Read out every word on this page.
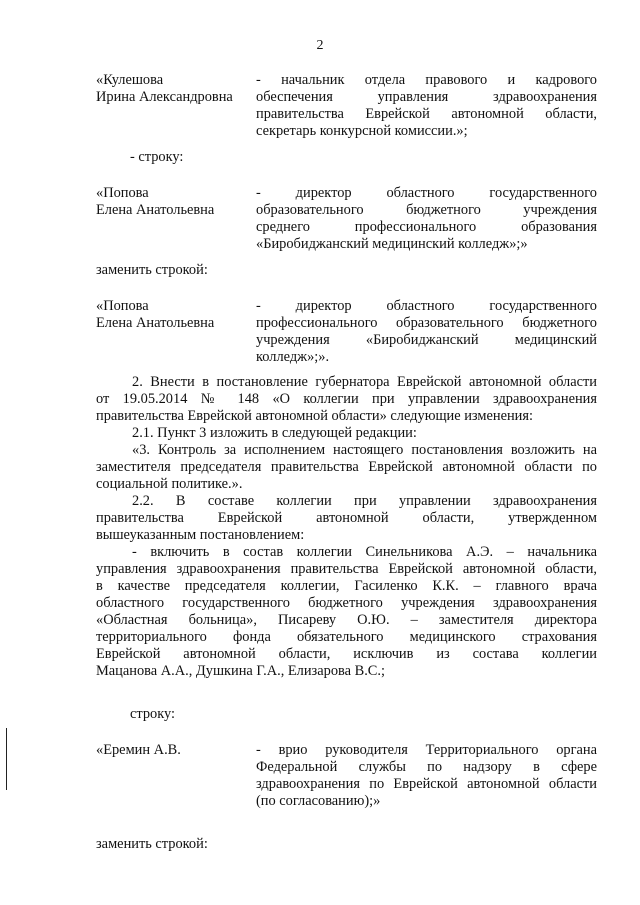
2
«Кулешова
Ирина Александровна
- начальник отдела правового и кадрового
обеспечения управления здравоохранения
правительства Еврейской автономной области,
секретарь конкурсной комиссии.»;
- строку:
«Попова
Елена Анатольевна
- директор областного государственного
образовательного бюджетного учреждения
среднего профессионального образования
«Биробиджанский медицинский колледж»;»
заменить строкой:
«Попова
Елена Анатольевна
- директор областного государственного
профессионального образовательного бюджетного
учреждения «Биробиджанский медицинский
колледж»;».
2. Внести в постановление губернатора Еврейской автономной области
от 19.05.2014 № 148 «О коллегии при управлении здравоохранения
правительства Еврейской автономной области» следующие изменения:
2.1. Пункт 3 изложить в следующей редакции:
«3. Контроль за исполнением настоящего постановления возложить на
заместителя председателя правительства Еврейской автономной области по
социальной политике.».
2.2. В составе коллегии при управлении здравоохранения
правительства Еврейской автономной области, утвержденном
вышеуказанным постановлением:
- включить в состав коллегии Синельникова А.Э. – начальника
управления здравоохранения правительства Еврейской автономной области,
в качестве председателя коллегии, Гасиленко К.К. – главного врача
областного государственного бюджетного учреждения здравоохранения
«Областная больница», Писареву О.Ю. – заместителя директора
территориального фонда обязательного медицинского страхования
Еврейской автономной области, исключив из состава коллегии
Мацанова А.А., Душкина Г.А., Елизарова В.С.;
строку:
«Еремин А.В.	- врио руководителя Территориального органа
Федеральной службы по надзору в сфере
здравоохранения по Еврейской автономной области
(по согласованию);»
заменить строкой:
